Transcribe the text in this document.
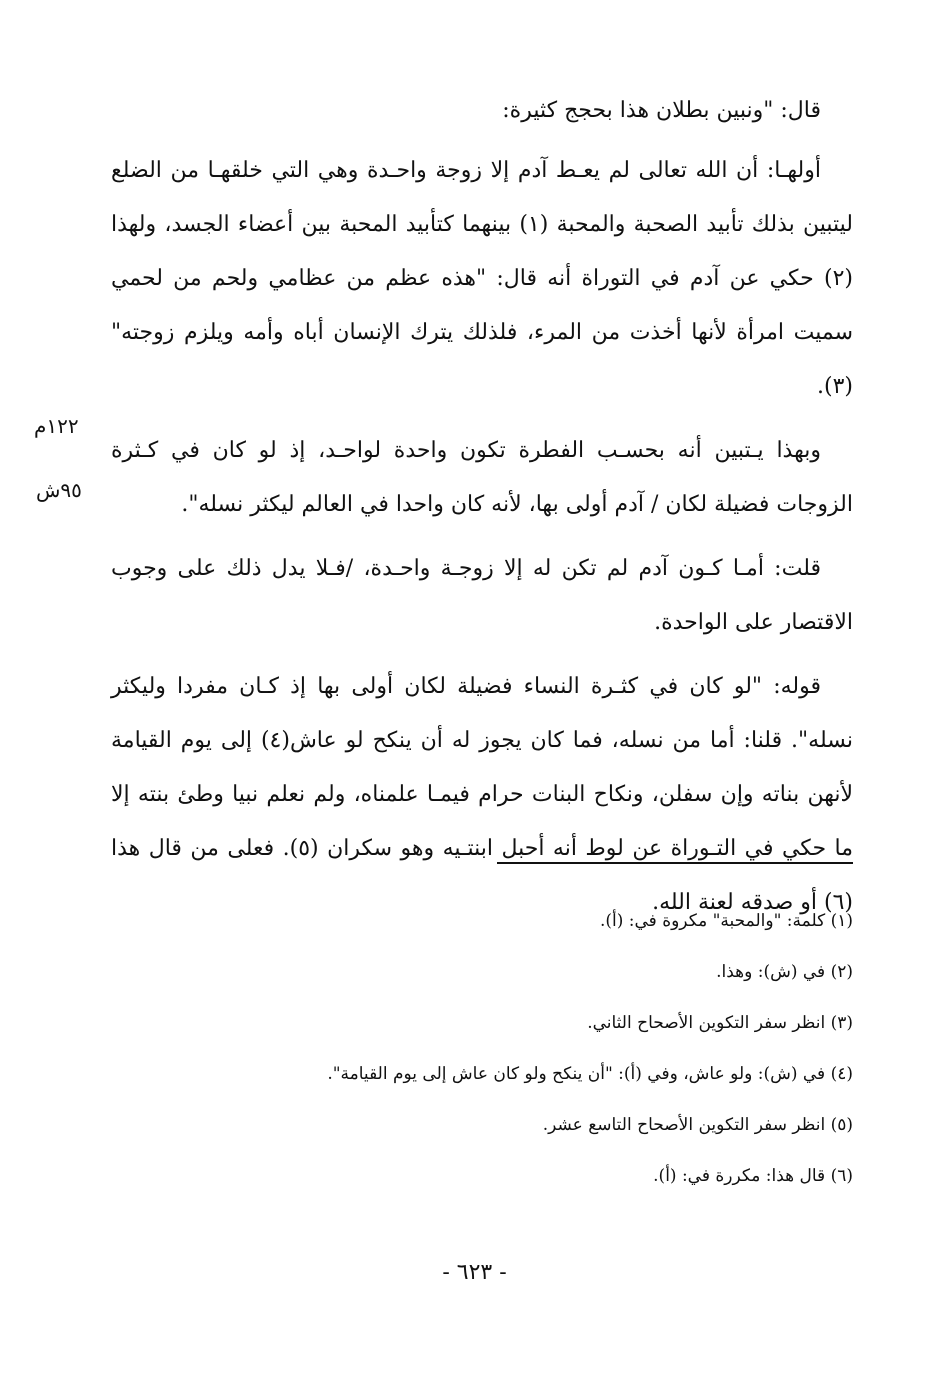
قال: "ونبين بطلان هذا بحجج كثيرة:

أولهـا: أن الله تعالى لم يعـط آدم إلا زوجة واحـدة وهي التي خلقهـا من الضلع ليتبين بذلك تأبيد الصحبة والمحبة (١) بينهما كتأبيد المحبة بين أعضاء الجسد، ولهذا (٢) حكي عن آدم في التوراة أنه قال: "هذه عظم من عظامي ولحم من لحمي سميت امرأة لأنها أخذت من المرء، فلذلك يترك الإنسان أباه وأمه ويلزم زوجته"(٣).

وبهذا يـتبين أنه بحسـب الفطرة تكون واحدة لواحـد، إذ لو كان في كـثرة الزوجات فضيلة لكان / آدم أولى بها، لأنه كان واحدا في العالم ليكثر نسله".

قلت: أمـا كـون آدم لم تكن له إلا زوجـة واحـدة، /فـلا يدل ذلك على وجوب الاقتصار على الواحدة.

قوله: "لو كان في كثـرة النساء فضيلة لكان أولى بها إذ كـان مفردا وليكثر نسله". قلنا: أما من نسله، فما كان يجوز له أن ينكح لو عاش(٤) إلى يوم القيامة لأنهن بناته وإن سفلن، ونكاح البنات حرام فيمـا علمناه، ولم نعلم نبيا وطئ بنته إلا ما حكي في التـوراة عن لوط أنه أحبل ابنتـيه وهو سكران (٥). فعلى من قال هذا (٦) أو صدقه لعنة الله.

١٢٢م
٩٥ش
(١) كلمة: "والمحبة" مكروة في: (أ).
(٢) في (ش): وهذا.
(٣) انظر سفر التكوين الأصحاح الثاني.
(٤) في (ش): ولو عاش، وفي (أ): "أن ينكح ولو كان عاش إلى يوم القيامة".
(٥) انظر سفر التكوين الأصحاح التاسع عشر.
(٦) قال هذا: مكررة في: (أ).
- ٦٢٣ -
